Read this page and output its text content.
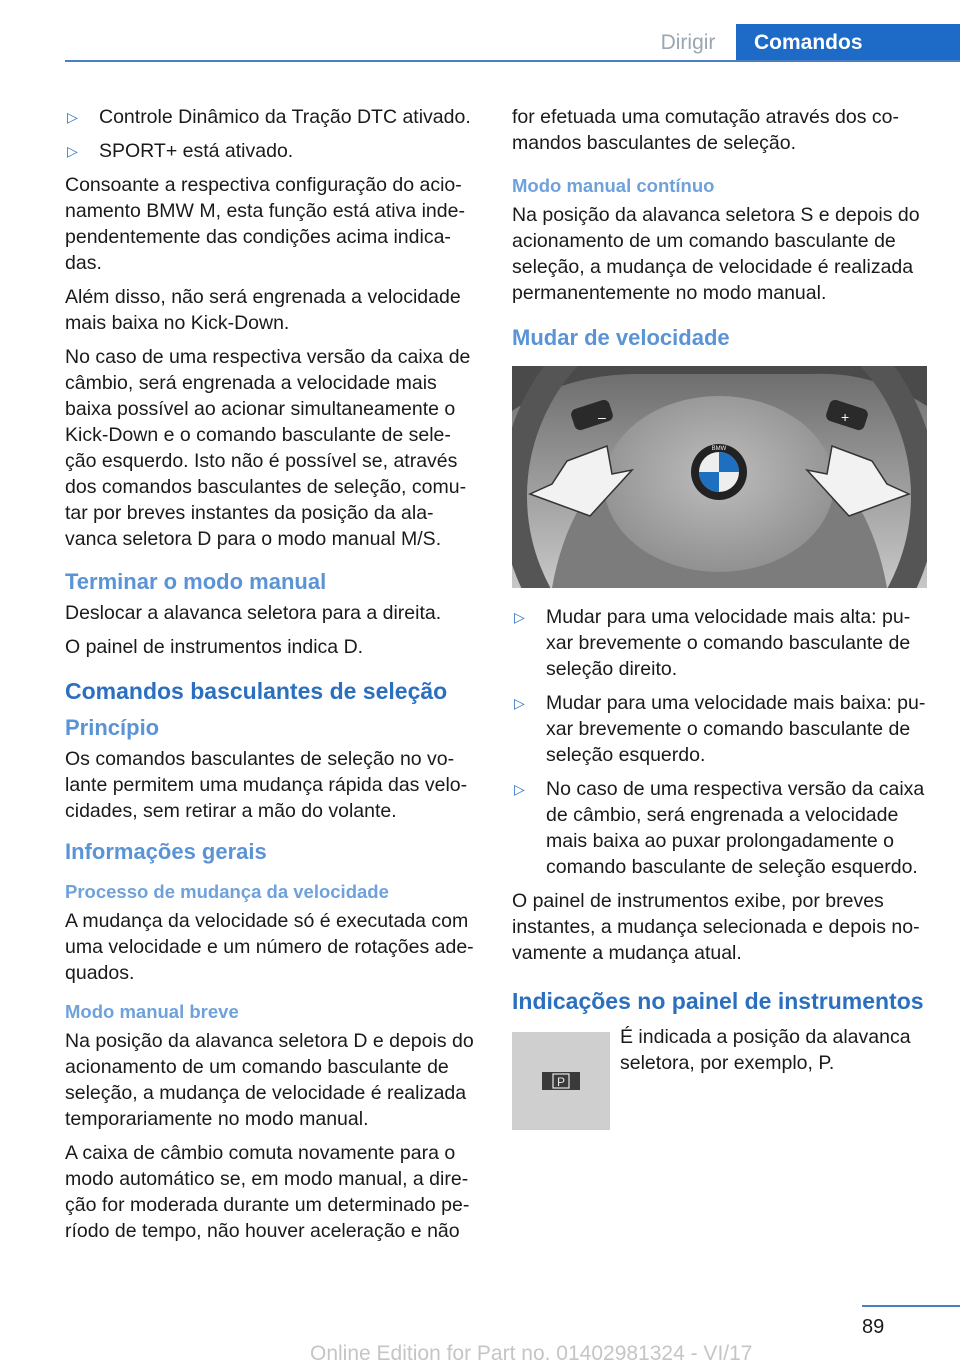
Dirigir	Comandos
▷	Controle Dinâmico da Tração DTC ativado.
▷	SPORT+ está ativado.

Consoante a respectiva configuração do acio-namento BMW M, esta função está ativa inde-pendentemente das condições acima indica-das.

Além disso, não será engrenada a velocidade mais baixa no Kick-Down.

No caso de uma respectiva versão da caixa de câmbio, será engrenada a velocidade mais baixa possível ao acionar simultaneamente o Kick-Down e o comando basculante de sele-ção esquerdo. Isto não é possível se, através dos comandos basculantes de seleção, comu-tar por breves instantes da posição da ala-vanca seletora D para o modo manual M/S.

Terminar o modo manual

Deslocar a alavanca seletora para a direita.

O painel de instrumentos indica D.

Comandos basculantes de seleção
Princípio

Os comandos basculantes de seleção no vo-lante permitem uma mudança rápida das velo-cidades, sem retirar a mão do volante.

Informações gerais
Processo de mudança da velocidade

A mudança da velocidade só é executada com uma velocidade e um número de rotações ade-quados.

Modo manual breve

Na posição da alavanca seletora D e depois do acionamento de um comando basculante de seleção, a mudança de velocidade é realizada temporariamente no modo manual.

A caixa de câmbio comuta novamente para o modo automático se, em modo manual, a dire-ção for moderada durante um determinado pe-ríodo de tempo, não houver aceleração e não

for efetuada uma comutação através dos co-mandos basculantes de seleção.

Modo manual contínuo

Na posição da alavanca seletora S e depois do acionamento de um comando basculante de seleção, a mudança de velocidade é realizada permanentemente no modo manual.

Mudar de velocidade
BMW
–	+
▷	Mudar para uma velocidade mais alta: pu-xar brevemente o comando basculante de seleção direito.
▷	Mudar para uma velocidade mais baixa: pu-xar brevemente o comando basculante de seleção esquerdo.
▷	No caso de uma respectiva versão da caixa de câmbio, será engrenada a velocidade mais baixa ao puxar prolongadamente o comando basculante de seleção esquerdo.

O painel de instrumentos exibe, por breves instantes, a mudança selecionada e depois no-vamente a mudança atual.

Indicações no painel de instrumentos
P

É indicada a posição da alavanca seletora, por exemplo, P.

89
Online Edition for Part no. 01402981324 - VI/17
